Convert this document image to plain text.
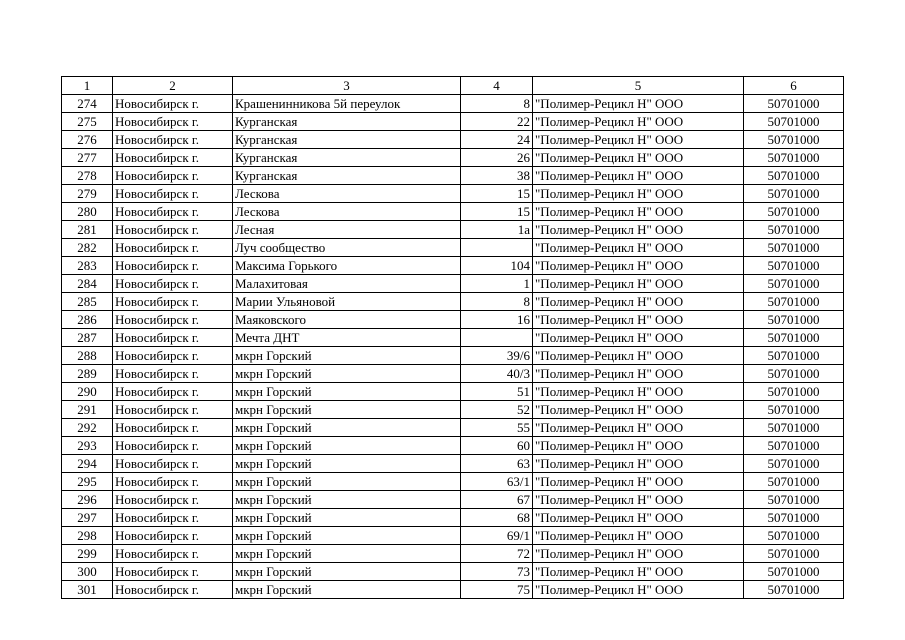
1	2	3	4	5	6
274	Новосибирск г.	Крашенинникова 5й переулок	8	"Полимер-Рецикл Н" ООО	50701000
275	Новосибирск г.	Курганская	22	"Полимер-Рецикл Н" ООО	50701000
276	Новосибирск г.	Курганская	24	"Полимер-Рецикл Н" ООО	50701000
277	Новосибирск г.	Курганская	26	"Полимер-Рецикл Н" ООО	50701000
278	Новосибирск г.	Курганская	38	"Полимер-Рецикл Н" ООО	50701000
279	Новосибирск г.	Лескова	15	"Полимер-Рецикл Н" ООО	50701000
280	Новосибирск г.	Лескова	15	"Полимер-Рецикл Н" ООО	50701000
281	Новосибирск г.	Лесная	1а	"Полимер-Рецикл Н" ООО	50701000
282	Новосибирск г.	Луч сообщество		"Полимер-Рецикл Н" ООО	50701000
283	Новосибирск г.	Максима Горького	104	"Полимер-Рецикл Н" ООО	50701000
284	Новосибирск г.	Малахитовая	1	"Полимер-Рецикл Н" ООО	50701000
285	Новосибирск г.	Марии Ульяновой	8	"Полимер-Рецикл Н" ООО	50701000
286	Новосибирск г.	Маяковского	16	"Полимер-Рецикл Н" ООО	50701000
287	Новосибирск г.	Мечта ДНТ		"Полимер-Рецикл Н" ООО	50701000
288	Новосибирск г.	мкрн Горский	39/6	"Полимер-Рецикл Н" ООО	50701000
289	Новосибирск г.	мкрн Горский	40/3	"Полимер-Рецикл Н" ООО	50701000
290	Новосибирск г.	мкрн Горский	51	"Полимер-Рецикл Н" ООО	50701000
291	Новосибирск г.	мкрн Горский	52	"Полимер-Рецикл Н" ООО	50701000
292	Новосибирск г.	мкрн Горский	55	"Полимер-Рецикл Н" ООО	50701000
293	Новосибирск г.	мкрн Горский	60	"Полимер-Рецикл Н" ООО	50701000
294	Новосибирск г.	мкрн Горский	63	"Полимер-Рецикл Н" ООО	50701000
295	Новосибирск г.	мкрн Горский	63/1	"Полимер-Рецикл Н" ООО	50701000
296	Новосибирск г.	мкрн Горский	67	"Полимер-Рецикл Н" ООО	50701000
297	Новосибирск г.	мкрн Горский	68	"Полимер-Рецикл Н" ООО	50701000
298	Новосибирск г.	мкрн Горский	69/1	"Полимер-Рецикл Н" ООО	50701000
299	Новосибирск г.	мкрн Горский	72	"Полимер-Рецикл Н" ООО	50701000
300	Новосибирск г.	мкрн Горский	73	"Полимер-Рецикл Н" ООО	50701000
301	Новосибирск г.	мкрн Горский	75	"Полимер-Рецикл Н" ООО	50701000
